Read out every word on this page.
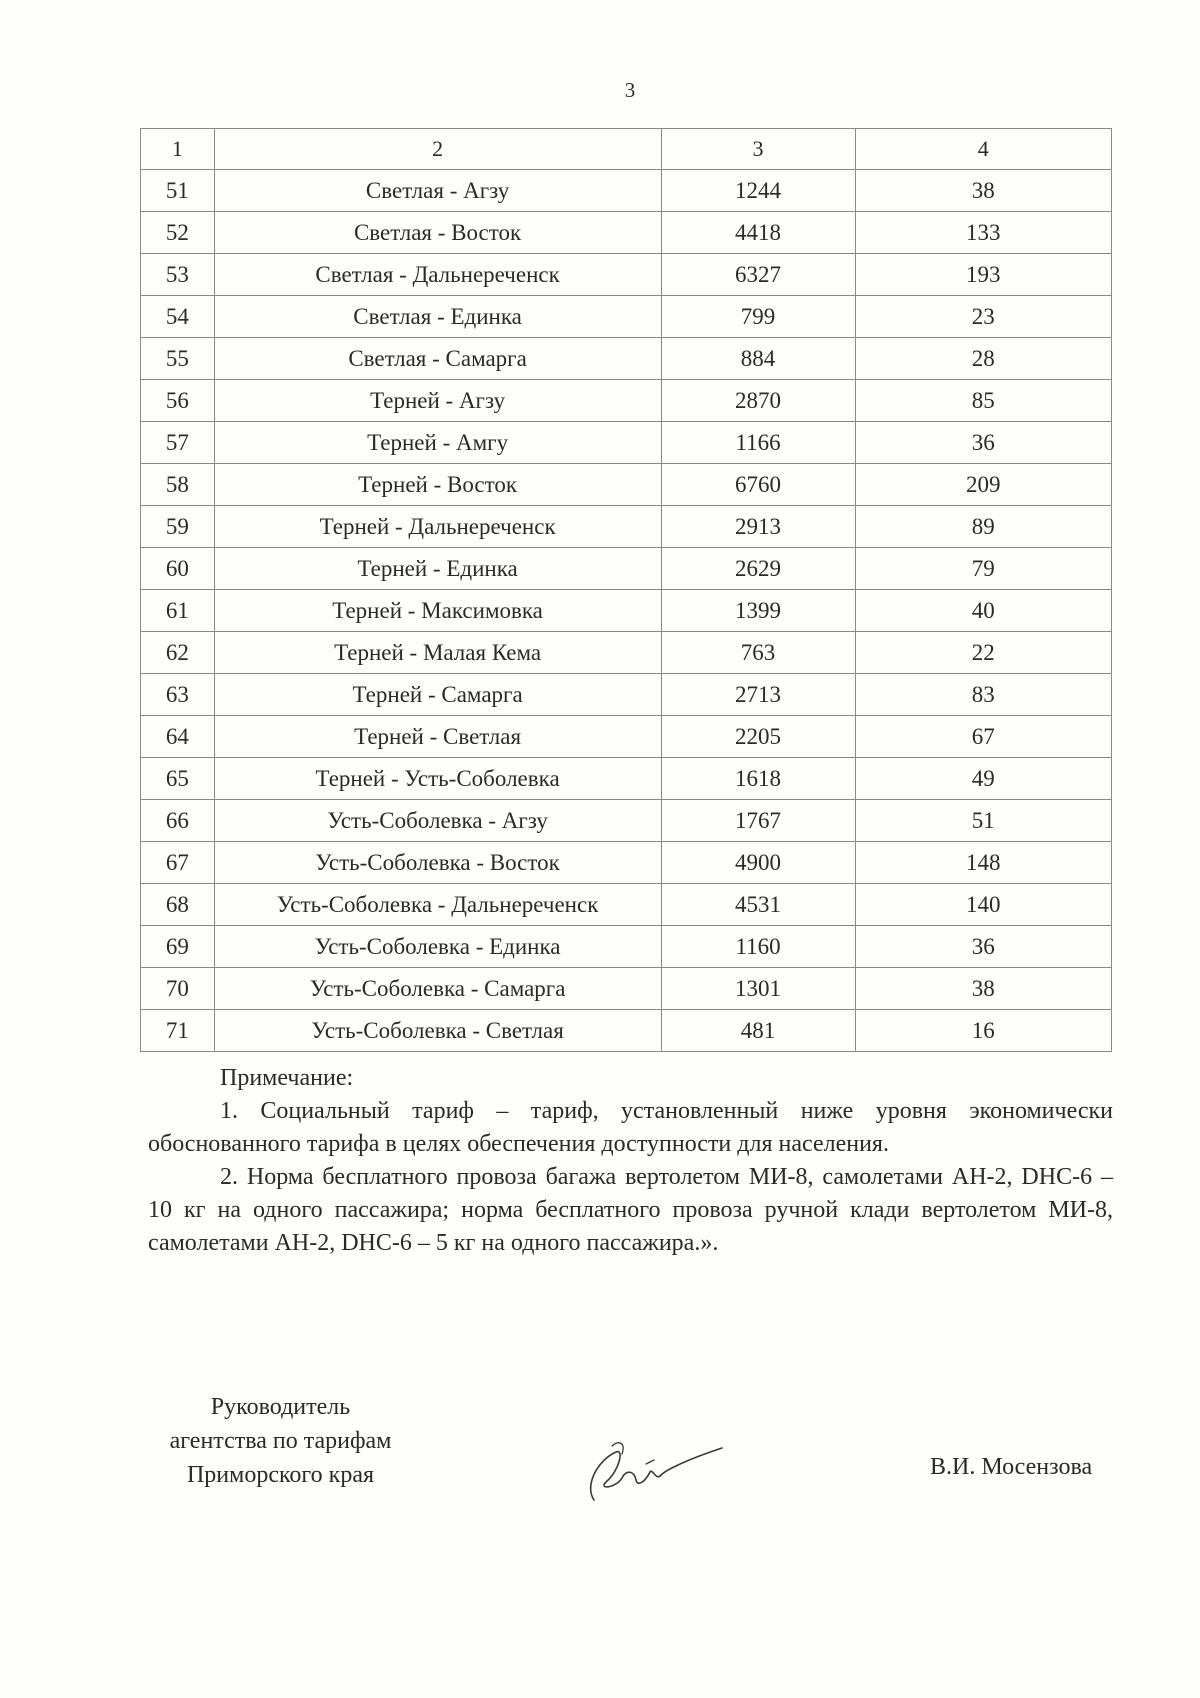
3
1	2	3	4
51	Светлая - Агзу	1244	38
52	Светлая - Восток	4418	133
53	Светлая - Дальнереченск	6327	193
54	Светлая - Единка	799	23
55	Светлая - Самарга	884	28
56	Терней - Агзу	2870	85
57	Терней - Амгу	1166	36
58	Терней - Восток	6760	209
59	Терней - Дальнереченск	2913	89
60	Терней - Единка	2629	79
61	Терней - Максимовка	1399	40
62	Терней - Малая Кема	763	22
63	Терней - Самарга	2713	83
64	Терней - Светлая	2205	67
65	Терней - Усть-Соболевка	1618	49
66	Усть-Соболевка - Агзу	1767	51
67	Усть-Соболевка - Восток	4900	148
68	Усть-Соболевка - Дальнереченск	4531	140
69	Усть-Соболевка - Единка	1160	36
70	Усть-Соболевка - Самарга	1301	38
71	Усть-Соболевка - Светлая	481	16
Примечание:

1. Социальный тариф – тариф, установленный ниже уровня экономически обоснованного тарифа в целях обеспечения доступности для населения.

2. Норма бесплатного провоза багажа вертолетом МИ-8, самолетами АН-2, DHC-6 – 10 кг на одного пассажира; норма бесплатного провоза ручной клади вертолетом МИ-8, самолетами АН-2, DHC-6 – 5 кг на одного пассажира.».

Руководитель
агентства по тарифам
Приморского края	В.И. Мосензова
